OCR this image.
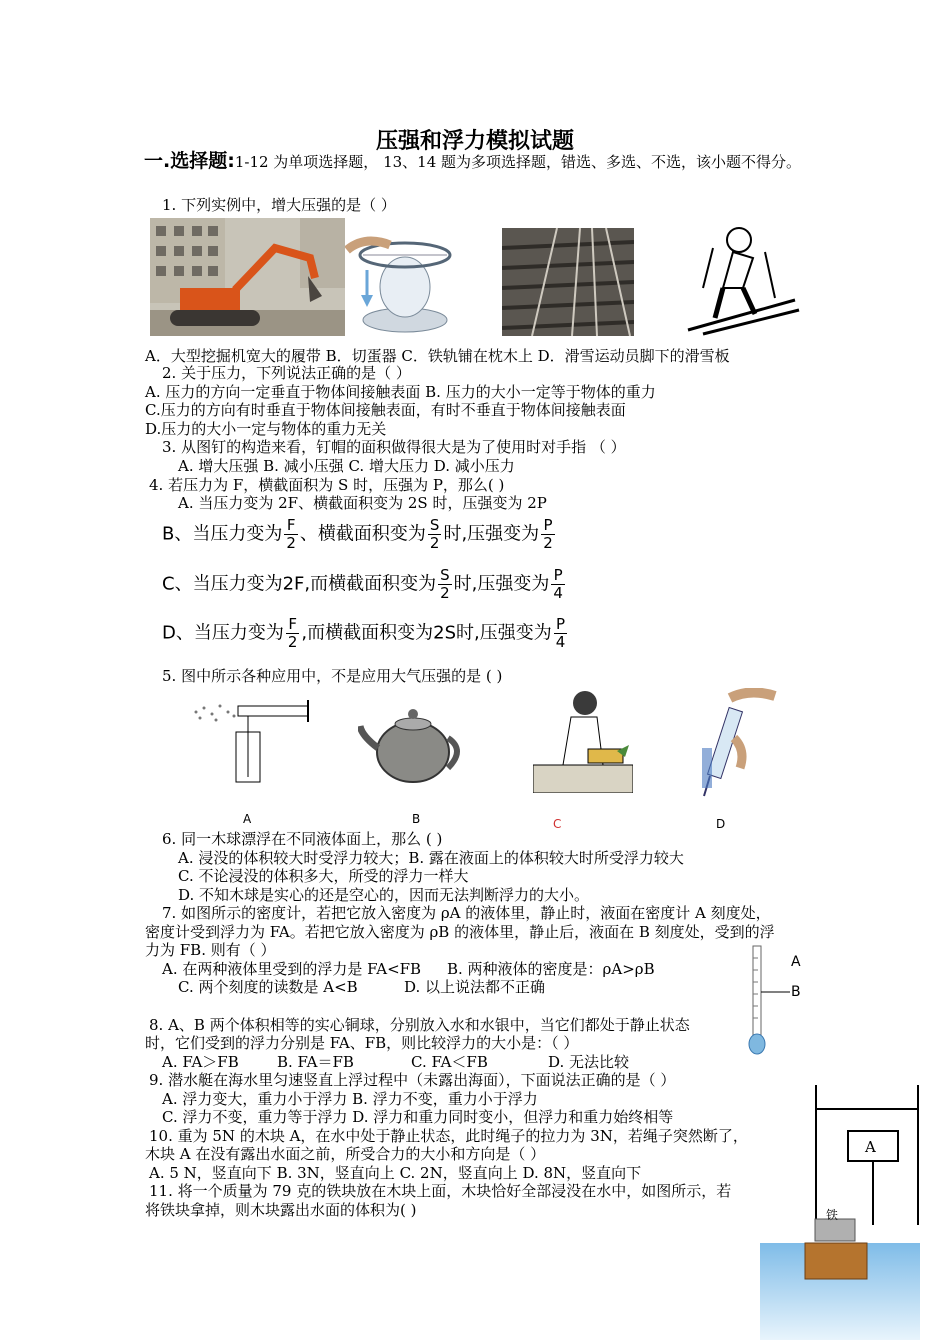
压强和浮力模拟试题
一.选择题:1-12 为单项选择题， 13、14 题为多项选择题，错选、多选、不选，该小题不得分。
1. 下列实例中，增大压强的是（ ）
A．大型挖掘机宽大的履带 B．切蛋器 C．铁轨铺在枕木上 D．滑雪运动员脚下的滑雪板
2. 关于压力，下列说法正确的是（ ）
A. 压力的方向一定垂直于物体间接触表面 B. 压力的大小一定等于物体的重力
C.压力的方向有时垂直于物体间接触表面，有时不垂直于物体间接触表面
D.压力的大小一定与物体的重力无关
3. 从图钉的构造来看，钉帽的面积做得很大是为了使用时对手指 （ ）
A. 增大压强 B. 减小压强 C. 增大压力 D. 减小压力
4. 若压力为 F，横截面积为 S 时，压强为 P，那么( )
A. 当压力变为 2F、横截面积变为 2S 时，压强变为 2P
B、当压力变为 $\frac{F}{2}$ 、横截面积变为 $\frac{S}{2}$ 时,压强变为 $\frac{P}{2}$
C、当压力变为2F,而横截面积变为 $\frac{S}{2}$ 时,压强变为 $\frac{P}{4}$
D、当压力变为 $\frac{F}{2}$ ,而横截面积变为2S时,压强变为 $\frac{P}{4}$
5. 图中所示各种应用中，不是应用大气压强的是 ( )
A	B	C	D
6. 同一木球漂浮在不同液体面上，那么 ( )
A. 浸没的体积较大时受浮力较大；B. 露在液面上的体积较大时所受浮力较大
C. 不论浸没的体积多大，所受的浮力一样大
D. 不知木球是实心的还是空心的，因而无法判断浮力的大小。
7. 如图所示的密度计，若把它放入密度为 ρA 的液体里，静止时，液面在密度计 A 刻度处，
密度计受到浮力为 FA。若把它放入密度为 ρB 的液体里，静止后，液面在 B 刻度处，受到的浮
力为 FB. 则有（ ）
A. 在两种液体里受到的浮力是 FA<FB B. 两种液体的密度是：ρA>ρB
C. 两个刻度的读数是 A<B	D. 以上说法都不正确
A
B
8. A、B 两个体积相等的实心铜球，分别放入水和水银中，当它们都处于静止状态
时，它们受到的浮力分别是 FA、FB，则比较浮力的大小是：（ ）
A. FA＞FB	B. FA＝FB	C. FA＜FB	D. 无法比较
9. 潜水艇在海水里匀速竖直上浮过程中（未露出海面），下面说法正确的是（ ）
A. 浮力变大，重力小于浮力 B. 浮力不变，重力小于浮力
C. 浮力不变，重力等于浮力 D. 浮力和重力同时变小，但浮力和重力始终相等
10. 重为 5N 的木块 A，在水中处于静止状态，此时绳子的拉力为 3N，若绳子突然断了，
木块 A 在没有露出水面之前，所受合力的大小和方向是（ ）
A. 5 N，竖直向下 B. 3N，竖直向上 C. 2N，竖直向上 D. 8N，竖直向下
A
11. 将一个质量为 79 克的铁块放在木块上面，木块恰好全部浸没在水中，如图所示，若
将铁块拿掉，则木块露出水面的体积为( )	铁
